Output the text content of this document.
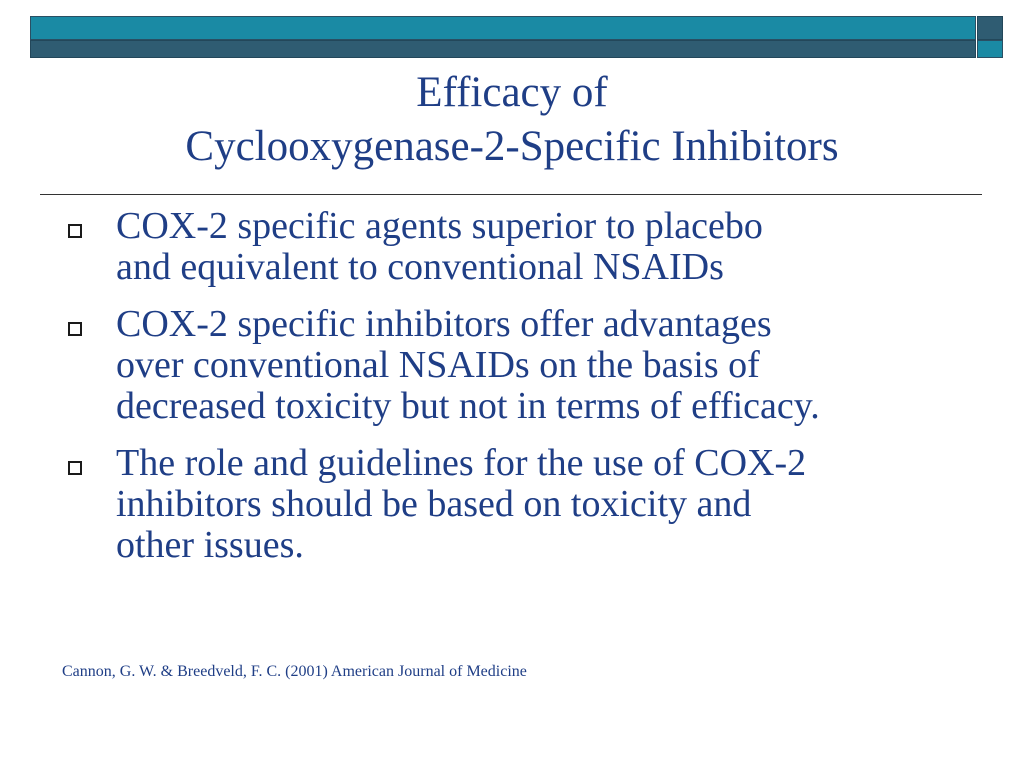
Efficacy of
Cyclooxygenase-2-Specific Inhibitors
COX-2 specific agents superior to placebo
and equivalent to conventional NSAIDs
COX-2 specific inhibitors offer advantages
over conventional NSAIDs on the basis of
decreased toxicity but not in terms of efficacy.
The role and guidelines for the use of COX-2
inhibitors should be based on toxicity and
other issues.
Cannon, G. W. & Breedveld, F. C. (2001) American Journal of Medicine
